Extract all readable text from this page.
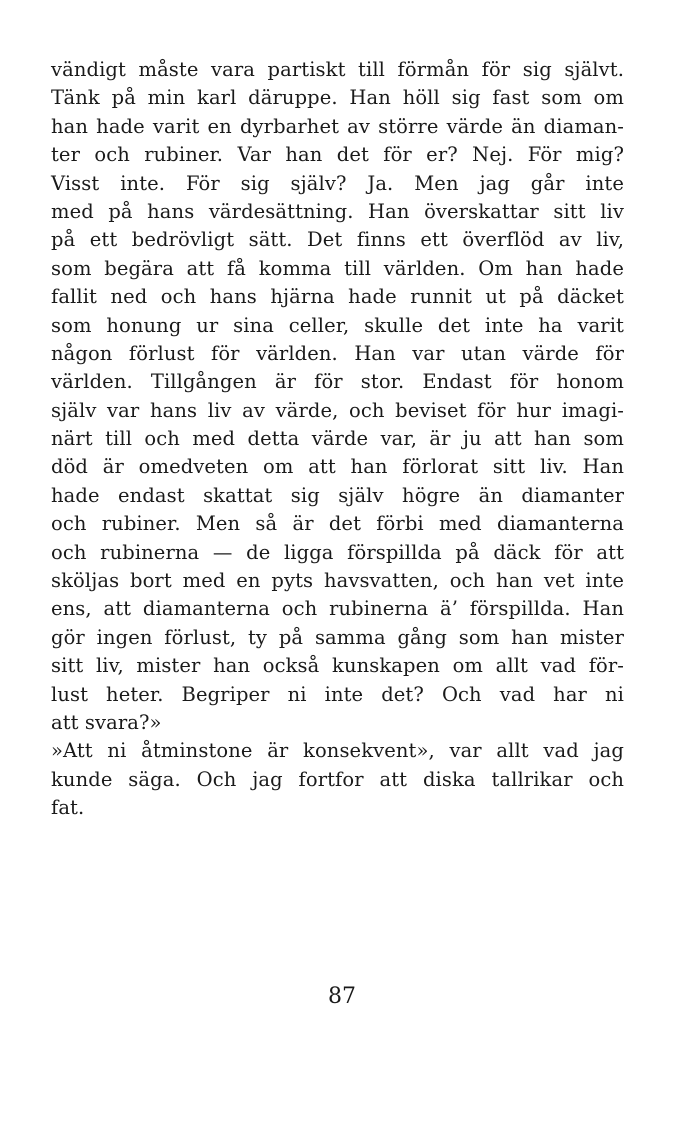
vändigt måste vara partiskt till förmån för sig självt.
Tänk på min karl däruppe. Han höll sig fast som om
han hade varit en dyrbarhet av större värde än diaman-
ter och rubiner. Var han det för er? Nej. För mig?
Visst inte. För sig själv? Ja. Men jag går inte
med på hans värdesättning. Han överskattar sitt liv
på ett bedrövligt sätt. Det finns ett överflöd av liv,
som begära att få komma till världen. Om han hade
fallit ned och hans hjärna hade runnit ut på däcket
som honung ur sina celler, skulle det inte ha varit
någon förlust för världen. Han var utan värde för
världen. Tillgången är för stor. Endast för honom
själv var hans liv av värde, och beviset för hur imagi-
närt till och med detta värde var, är ju att han som
död är omedveten om att han förlorat sitt liv. Han
hade endast skattat sig själv högre än diamanter
och rubiner. Men så är det förbi med diamanterna
och rubinerna — de ligga förspillda på däck för att
sköljas bort med en pyts havsvatten, och han vet inte
ens, att diamanterna och rubinerna ä’ förspillda. Han
gör ingen förlust, ty på samma gång som han mister
sitt liv, mister han också kunskapen om allt vad för-
lust heter. Begriper ni inte det? Och vad har ni
att svara?»
»Att ni åtminstone är konsekvent», var allt vad jag
kunde säga. Och jag fortfor att diska tallrikar och
fat.
87
